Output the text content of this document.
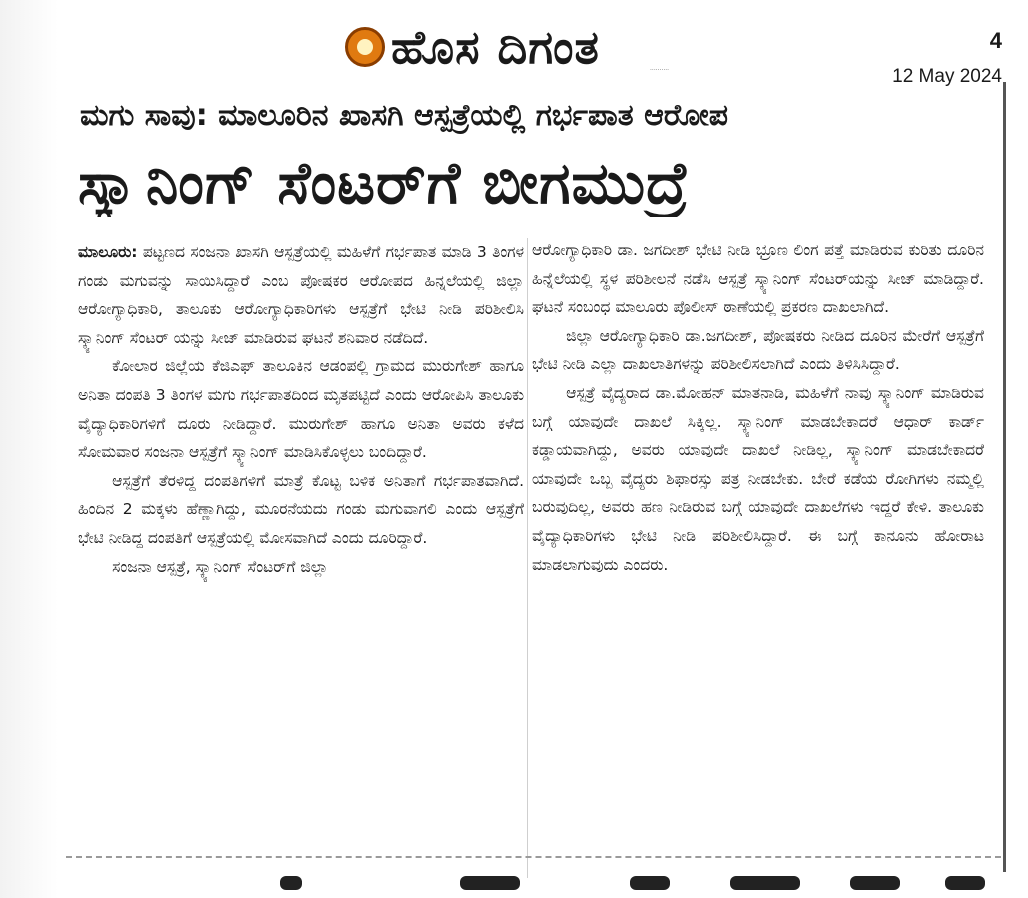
ಹೊಸ ದಿಗಂತ	··········
4
12 May 2024
ಮಗು ಸಾವು: ಮಾಲೂರಿನ ಖಾಸಗಿ ಆಸ್ಪತ್ರೆಯಲ್ಲಿ ಗರ್ಭಪಾತ ಆರೋಪ
ಸ್ಕ್ಯಾನಿಂಗ್ ಸೆಂಟರ್‌ಗೆ ಬೀಗಮುದ್ರೆ

ಮಾಲೂರು: ಪಟ್ಟಣದ ಸಂಜನಾ ಖಾಸಗಿ ಆಸ್ಪತ್ರೆಯಲ್ಲಿ ಮಹಿಳೆಗೆ ಗರ್ಭಪಾತ ಮಾಡಿ 3 ತಿಂಗಳ ಗಂಡು ಮಗುವನ್ನು ಸಾಯಿಸಿದ್ದಾರೆ ಎಂಬ ಪೋಷಕರ ಆರೋಪದ ಹಿನ್ನಲೆಯಲ್ಲಿ ಜಿಲ್ಲಾ ಆರೋಗ್ಯಾಧಿಕಾರಿ, ತಾಲೂಕು ಆರೋಗ್ಯಾಧಿಕಾರಿಗಳು ಆಸ್ಪತ್ರೆಗೆ ಭೇಟಿ ನೀಡಿ ಪರಿಶೀಲಿಸಿ ಸ್ಕ್ಯಾನಿಂಗ್ ಸೆಂಟರ್ ಯನ್ನು ಸೀಜ್ ಮಾಡಿರುವ ಘಟನೆ ಶನಿವಾರ ನಡೆದಿದೆ.

ಕೋಲಾರ ಜಿಲ್ಲೆಯ ಕೆಜಿಎಫ್ ತಾಲೂಕಿನ ಆಡಂಪಲ್ಲಿ ಗ್ರಾಮದ ಮುರುಗೇಶ್ ಹಾಗೂ ಅನಿತಾ ದಂಪತಿ 3 ತಿಂಗಳ ಮಗು ಗರ್ಭಪಾತದಿಂದ ಮೃತಪಟ್ಟಿದೆ ಎಂದು ಆರೋಪಿಸಿ ತಾಲೂಕು ವೈದ್ಯಾಧಿಕಾರಿಗಳಿಗೆ ದೂರು ನೀಡಿದ್ದಾರೆ. ಮುರುಗೇಶ್ ಹಾಗೂ ಅನಿತಾ ಅವರು ಕಳೆದ ಸೋಮವಾರ ಸಂಜನಾ ಆಸ್ಪತ್ರೆಗೆ ಸ್ಕ್ಯಾನಿಂಗ್ ಮಾಡಿಸಿಕೊಳ್ಳಲು ಬಂದಿದ್ದಾರೆ.

ಆಸ್ಪತ್ರೆಗೆ ತೆರಳಿದ್ದ ದಂಪತಿಗಳಿಗೆ ಮಾತ್ರೆ ಕೊಟ್ಟ ಬಳಿಕ ಅನಿತಾಗೆ ಗರ್ಭಪಾತವಾಗಿದೆ. ಹಿಂದಿನ 2 ಮಕ್ಕಳು ಹೆಣ್ಣಾಗಿದ್ದು, ಮೂರನೆಯದು ಗಂಡು ಮಗುವಾಗಲಿ ಎಂದು ಆಸ್ಪತ್ರೆಗೆ ಭೇಟಿ ನೀಡಿದ್ದ ದಂಪತಿಗೆ ಆಸ್ಪತ್ರೆಯಲ್ಲಿ ಮೋಸವಾಗಿದೆ ಎಂದು ದೂರಿದ್ದಾರೆ.

ಸಂಜನಾ ಆಸ್ಪತ್ರೆ, ಸ್ಕ್ಯಾನಿಂಗ್ ಸೆಂಟರ್‌ಗೆ ಜಿಲ್ಲಾ

ಆರೋಗ್ಯಾಧಿಕಾರಿ ಡಾ. ಜಗದೀಶ್ ಭೇಟಿ ನೀಡಿ ಭ್ರೂಣ ಲಿಂಗ ಪತ್ತೆ ಮಾಡಿರುವ ಕುರಿತು ದೂರಿನ ಹಿನ್ನೆಲೆಯಲ್ಲಿ ಸ್ಥಳ ಪರಿಶೀಲನೆ ನಡೆಸಿ ಆಸ್ಪತ್ರೆ ಸ್ಕ್ಯಾನಿಂಗ್ ಸೆಂಟರ್‌ಯನ್ನು ಸೀಜ್ ಮಾಡಿದ್ದಾರೆ. ಘಟನೆ ಸಂಬಂಧ ಮಾಲೂರು ಪೊಲೀಸ್ ಠಾಣೆಯಲ್ಲಿ ಪ್ರಕರಣ ದಾಖಲಾಗಿದೆ.

ಜಿಲ್ಲಾ ಆರೋಗ್ಯಾಧಿಕಾರಿ ಡಾ.ಜಗದೀಶ್, ಪೋಷಕರು ನೀಡಿದ ದೂರಿನ ಮೇರೆಗೆ ಆಸ್ಪತ್ರೆಗೆ ಭೇಟಿ ನೀಡಿ ಎಲ್ಲಾ ದಾಖಲಾತಿಗಳನ್ನು ಪರಿಶೀಲಿಸಲಾಗಿದೆ ಎಂದು ತಿಳಿಸಿಸಿದ್ದಾರೆ.

ಆಸ್ಪತ್ರೆ ವೈದ್ಯರಾದ ಡಾ.ಮೋಹನ್ ಮಾತನಾಡಿ, ಮಹಿಳೆಗೆ ನಾವು ಸ್ಕ್ಯಾನಿಂಗ್ ಮಾಡಿರುವ ಬಗ್ಗೆ ಯಾವುದೇ ದಾಖಲೆ ಸಿಕ್ಕಿಲ್ಲ. ಸ್ಕ್ಯಾನಿಂಗ್ ಮಾಡಬೇಕಾದರೆ ಆಧಾರ್ ಕಾರ್ಡ್ ಕಡ್ಡಾಯವಾಗಿದ್ದು, ಅವರು ಯಾವುದೇ ದಾಖಲೆ ನೀಡಿಲ್ಲ, ಸ್ಕ್ಯಾನಿಂಗ್ ಮಾಡಬೇಕಾದರೆ ಯಾವುದೇ ಒಬ್ಬ ವೈದ್ಯರು ಶಿಫಾರಸ್ಸು ಪತ್ರ ನೀಡಬೇಕು. ಬೇರೆ ಕಡೆಯ ರೋಗಿಗಳು ನಮ್ಮಲ್ಲಿ ಬರುವುದಿಲ್ಲ, ಅವರು ಹಣ ನೀಡಿರುವ ಬಗ್ಗೆ ಯಾವುದೇ ದಾಖಲೆಗಳು ಇದ್ದರೆ ಕೇಳಿ. ತಾಲೂಕು ವೈದ್ಯಾಧಿಕಾರಿಗಳು ಭೇಟಿ ನೀಡಿ ಪರಿಶೀಲಿಸಿದ್ದಾರೆ. ಈ ಬಗ್ಗೆ ಕಾನೂನು ಹೋರಾಟ ಮಾಡಲಾಗುವುದು ಎಂದರು.
